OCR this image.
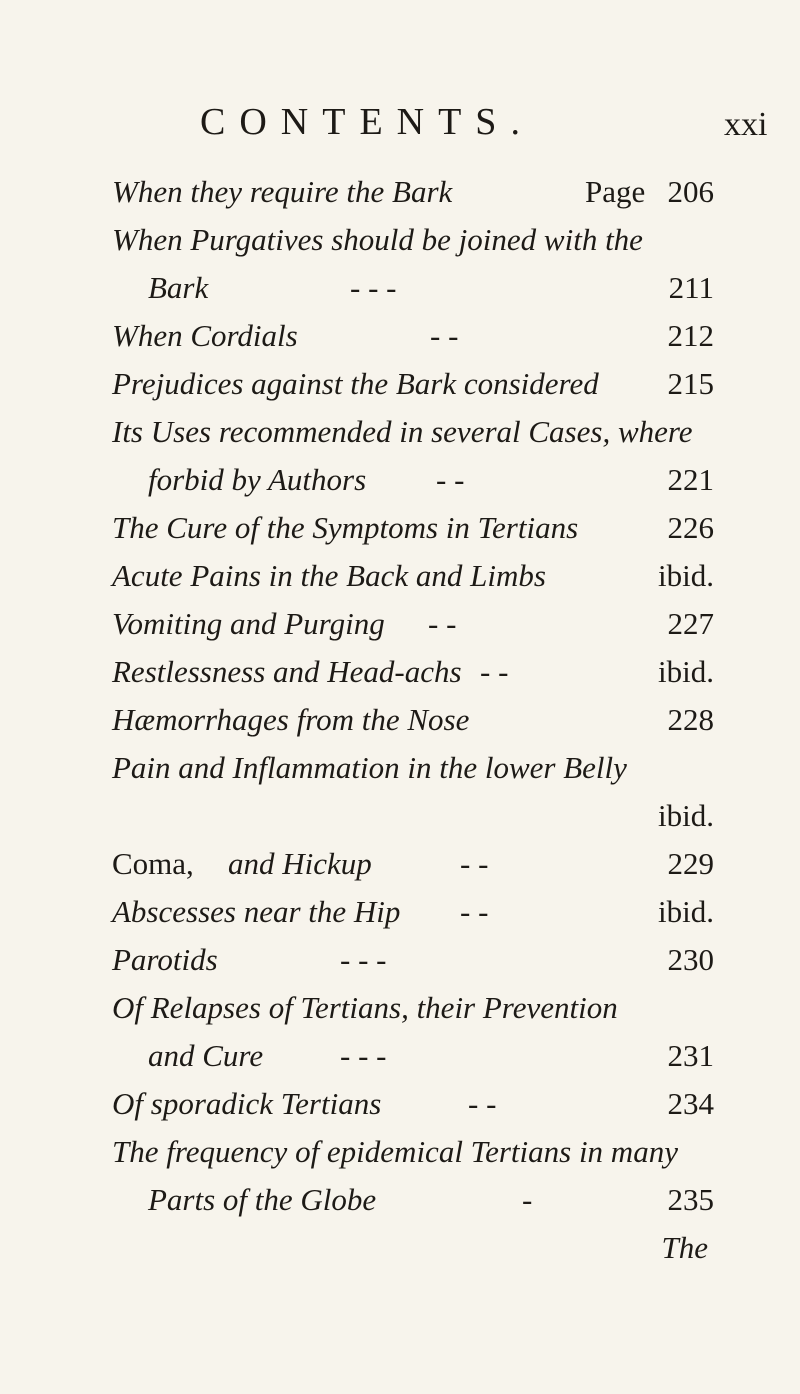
CONTENTS.	xxi
When they require the Bark	Page 206
When Purgatives should be joined with the
Bark	- - -	211
When Cordials	- -	212
Prejudices against the Bark considered 215
Its Uses recommended in several Cases, where
forbid by Authors - -	221
The Cure of the Symptoms in Tertians	226
Acute Pains in the Back and Limbs	ibid.
Vomiting and Purging - -	227
Restlessness and Head-achs - -	ibid.
Hæmorrhages from the Nose	228
Pain and Inflammation in the lower Belly
ibid.
Coma, and Hickup	- -	229
Abscesses near the Hip - -	ibid.
Parotids	- - -	230
Of Relapses of Tertians, their Prevention
and Cure - - -	231
Of sporadick Tertians	- -	234
The frequency of epidemical Tertians in many
Parts of the Globe	-	235
The
